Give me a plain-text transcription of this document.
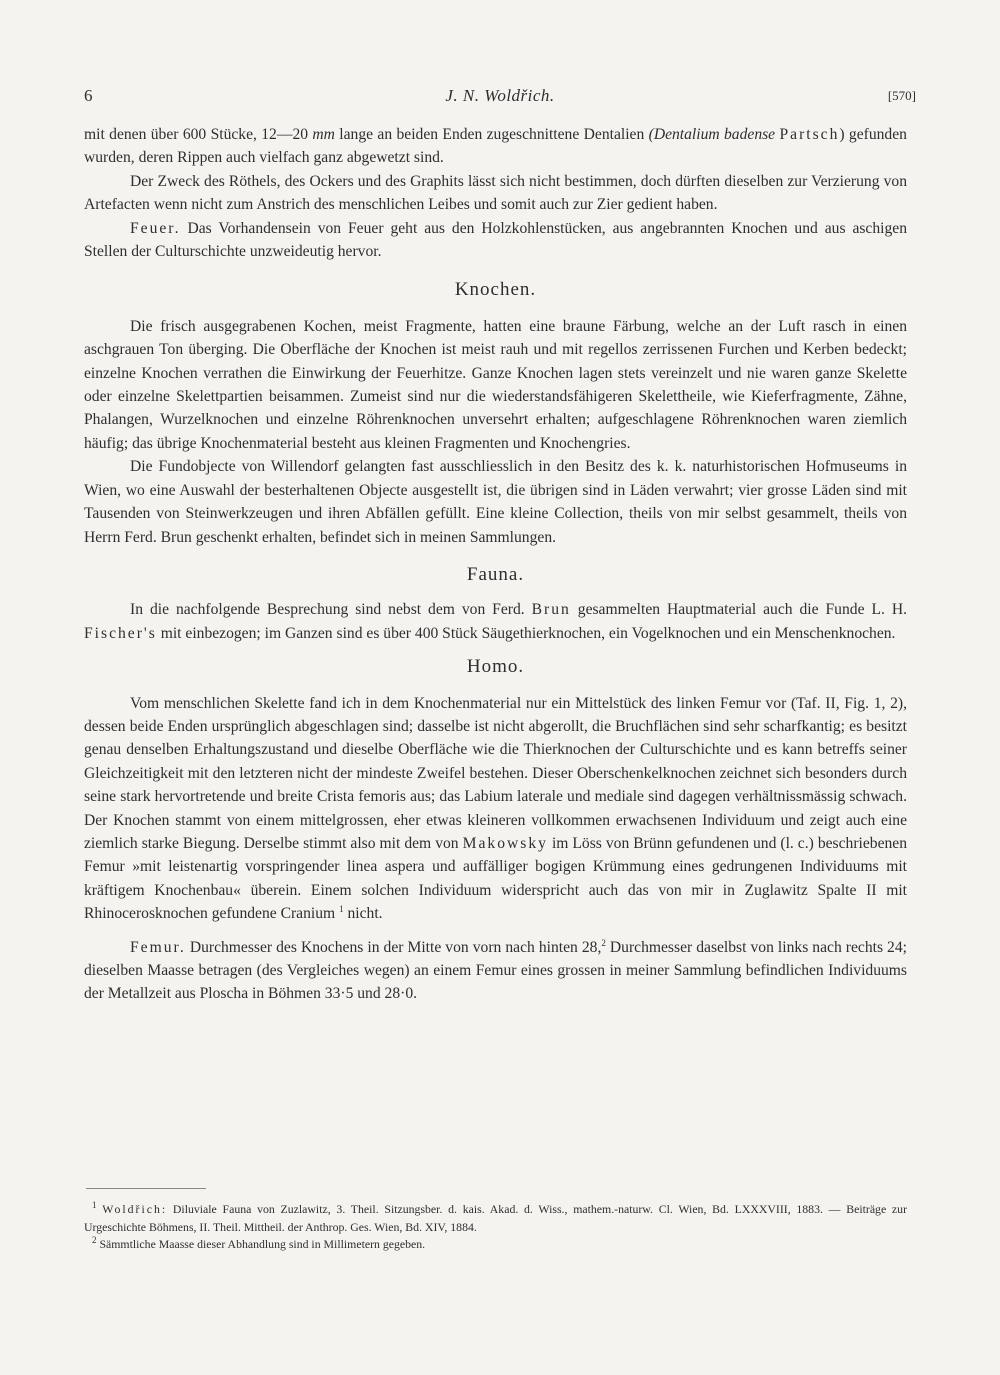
6	J. N. Woldřich.	[570]

mit denen über 600 Stücke, 12—20 mm lange an beiden Enden zugeschnittene Dentalien (Dentalium badense Partsch) gefunden wurden, deren Rippen auch vielfach ganz abgewetzt sind.

Der Zweck des Röthels, des Ockers und des Graphits lässt sich nicht bestimmen, doch dürften dieselben zur Verzierung von Artefacten wenn nicht zum Anstrich des menschlichen Leibes und somit auch zur Zier gedient haben.

Feuer. Das Vorhandensein von Feuer geht aus den Holzkohlenstücken, aus angebrannten Knochen und aus aschigen Stellen der Culturschichte unzweideutig hervor.

Knochen.

Die frisch ausgegrabenen Kochen, meist Fragmente, hatten eine braune Färbung, welche an der Luft rasch in einen aschgrauen Ton überging. Die Oberfläche der Knochen ist meist rauh und mit regellos zerrissenen Furchen und Kerben bedeckt; einzelne Knochen verrathen die Einwirkung der Feuerhitze. Ganze Knochen lagen stets vereinzelt und nie waren ganze Skelette oder einzelne Skelettpartien beisammen. Zumeist sind nur die wiederstandsfähigeren Skelettheile, wie Kieferfragmente, Zähne, Phalangen, Wurzelknochen und einzelne Röhrenknochen unversehrt erhalten; aufgeschlagene Röhrenknochen waren ziemlich häufig; das übrige Knochenmaterial besteht aus kleinen Fragmenten und Knochengries.

Die Fundobjecte von Willendorf gelangten fast ausschliesslich in den Besitz des k. k. naturhistorischen Hofmuseums in Wien, wo eine Auswahl der besterhaltenen Objecte ausgestellt ist, die übrigen sind in Läden verwahrt; vier grosse Läden sind mit Tausenden von Steinwerkzeugen und ihren Abfällen gefüllt. Eine kleine Collection, theils von mir selbst gesammelt, theils von Herrn Ferd. Brun geschenkt erhalten, befindet sich in meinen Sammlungen.

Fauna.

In die nachfolgende Besprechung sind nebst dem von Ferd. Brun gesammelten Hauptmaterial auch die Funde L. H. Fischer's mit einbezogen; im Ganzen sind es über 400 Stück Säugethierknochen, ein Vogelknochen und ein Menschenknochen.

Homo.

Vom menschlichen Skelette fand ich in dem Knochenmaterial nur ein Mittelstück des linken Femur vor (Taf. II, Fig. 1, 2), dessen beide Enden ursprünglich abgeschlagen sind; dasselbe ist nicht abgerollt, die Bruchflächen sind sehr scharfkantig; es besitzt genau denselben Erhaltungszustand und dieselbe Oberfläche wie die Thierknochen der Culturschichte und es kann betreffs seiner Gleichzeitigkeit mit den letzteren nicht der mindeste Zweifel bestehen. Dieser Oberschenkelknochen zeichnet sich besonders durch seine stark hervortretende und breite Crista femoris aus; das Labium laterale und mediale sind dagegen verhältnissmässig schwach. Der Knochen stammt von einem mittelgrossen, eher etwas kleineren vollkommen erwachsenen Individuum und zeigt auch eine ziemlich starke Biegung. Derselbe stimmt also mit dem von Makowsky im Löss von Brünn gefundenen und (l. c.) beschriebenen Femur »mit leistenartig vorspringender linea aspera und auffälliger bogigen Krümmung eines gedrungenen Individuums mit kräftigem Knochenbau« überein. Einem solchen Individuum widerspricht auch das von mir in Zuglawitz Spalte II mit Rhinocerosknochen gefundene Cranium $^1$ nicht.

Femur. Durchmesser des Knochens in der Mitte von vorn nach hinten 28,$^2$ Durchmesser daselbst von links nach rechts 24; dieselben Maasse betragen (des Vergleiches wegen) an einem Femur eines grossen in meiner Sammlung befindlichen Individuums der Metallzeit aus Ploscha in Böhmen 33·5 und 28·0.

$^1$ Woldřich: Diluviale Fauna von Zuzlawitz, 3. Theil. Sitzungsber. d. kais. Akad. d. Wiss., mathem.-naturw. Cl. Wien, Bd. LXXXVIII, 1883. — Beiträge zur Urgeschichte Böhmens, II. Theil. Mittheil. der Anthrop. Ges. Wien, Bd. XIV, 1884.

$^2$ Sämmtliche Maasse dieser Abhandlung sind in Millimetern gegeben.
